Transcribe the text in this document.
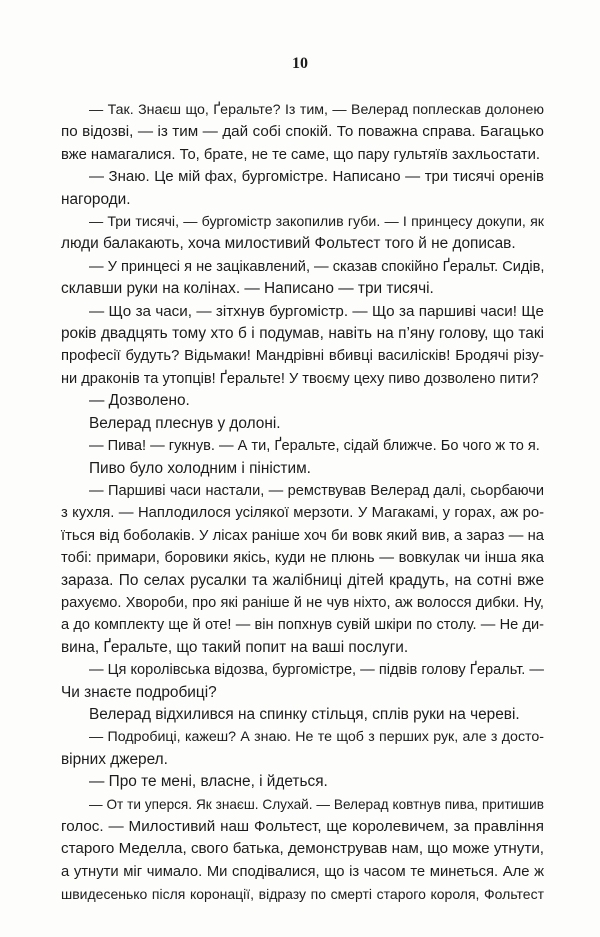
10
— Так. Знаєш що, Ґеральте? Із тим, — Велерад поплескав долонею
по відозві, — із тим — дай собі спокій. То поважна справа. Багацько
вже намагалися. То, брате, не те саме, що пару гультяїв захльостати.
— Знаю. Це мій фах, бургомістре. Написано — три тисячі оренів
нагороди.
— Три тисячі, — бургомістр закопилив губи. — І принцесу докупи, як
люди балакають, хоча милостивий Фольтест того й не дописав.
— У принцесі я не зацікавлений, — сказав спокійно Ґеральт. Сидів,
склавши руки на колінах. — Написано — три тисячі.
— Що за часи, — зітхнув бургомістр. — Що за паршиві часи! Ще
років двадцять тому хто б і подумав, навіть на п’яну голову, що такі
професії будуть? Відьмаки! Мандрівні вбивці василісків! Бродячі різу-
ни драконів та утопців! Ґеральте! У твоєму цеху пиво дозволено пити?
— Дозволено.
Велерад плеснув у долоні.
— Пива! — гукнув. — А ти, Ґеральте, сідай ближче. Бо чого ж то я.
Пиво було холодним і піністим.
— Паршиві часи настали, — ремствував Велерад далі, сьорбаючи
з кухля. — Наплодилося усілякої мерзоти. У Магакамі, у горах, аж ро-
їться від боболаків. У лісах раніше хоч би вовк який вив, а зараз — на
тобі: примари, боровики якісь, куди не плюнь — вовкулак чи інша яка
зараза. По селах русалки та жалібниці дітей крадуть, на сотні вже
рахуємо. Хвороби, про які раніше й не чув ніхто, аж волосся дибки. Ну,
а до комплекту ще й оте! — він попхнув сувій шкіри по столу. — Не ди-
вина, Ґеральте, що такий попит на ваші послуги.
— Ця королівська відозва, бургомістре, — підвів голову Ґеральт. —
Чи знаєте подробиці?
Велерад відхилився на спинку стільця, сплів руки на череві.
— Подробиці, кажеш? А знаю. Не те щоб з перших рук, але з досто-
вірних джерел.
— Про те мені, власне, і йдеться.
— От ти уперся. Як знаєш. Слухай. — Велерад ковтнув пива, притишив
голос. — Милостивий наш Фольтест, ще королевичем, за правління
старого Меделла, свого батька, демонстрував нам, що може утнути,
а утнути міг чимало. Ми сподівалися, що із часом те минеться. Але ж
швидесенько після коронації, відразу по смерті старого короля, Фольтест
